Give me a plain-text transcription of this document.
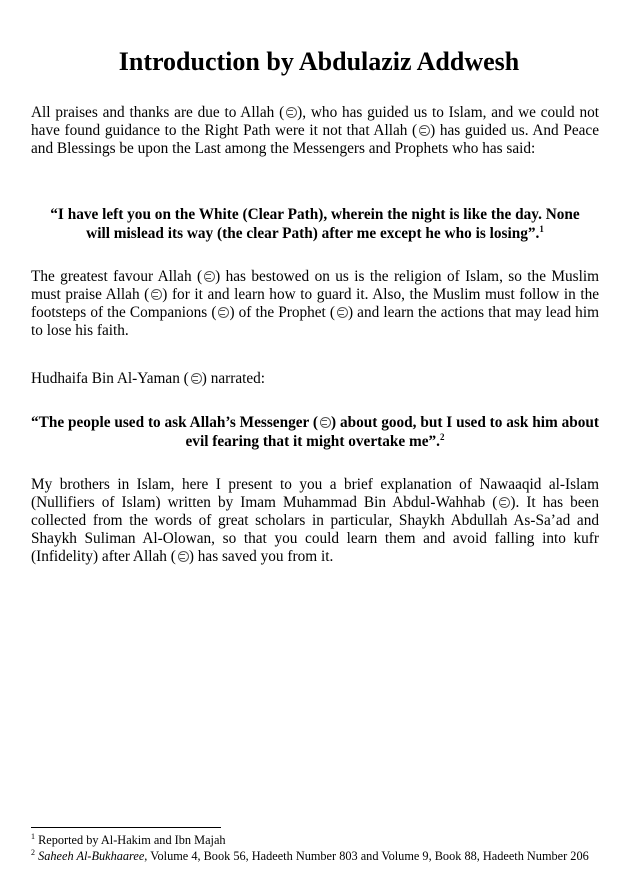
Introduction by Abdulaziz Addwesh
All praises and thanks are due to Allah ( ), who has guided us to Islam, and we could not have found guidance to the Right Path were it not that Allah ( ) has guided us. And Peace and Blessings be upon the Last among the Messengers and Prophets who has said:
“I have left you on the White (Clear Path), wherein the night is like the day. None will mislead its way (the clear Path) after me except he who is losing”.$^1$
The greatest favour Allah ( ) has bestowed on us is the religion of Islam, so the Muslim must praise Allah ( ) for it and learn how to guard it. Also, the Muslim must follow in the footsteps of the Companions ( ) of the Prophet ( ) and learn the actions that may lead him to lose his faith.
Hudhaifa Bin Al-Yaman ( ) narrated:
“The people used to ask Allah’s Messenger ( ) about good, but I used to ask him about evil fearing that it might overtake me”.$^2$
My brothers in Islam, here I present to you a brief explanation of Nawaaqid al-Islam (Nullifiers of Islam) written by Imam Muhammad Bin Abdul-Wahhab ( ). It has been collected from the words of great scholars in particular, Shaykh Abdullah As-Sa’ad and Shaykh Suliman Al-Olowan, so that you could learn them and avoid falling into kufr (Infidelity) after Allah ( ) has saved you from it.
$^1$ Reported by Al-Hakim and Ibn Majah
$^2$ Saheeh Al-Bukhaaree, Volume 4, Book 56, Hadeeth Number 803 and Volume 9, Book 88, Hadeeth Number 206
